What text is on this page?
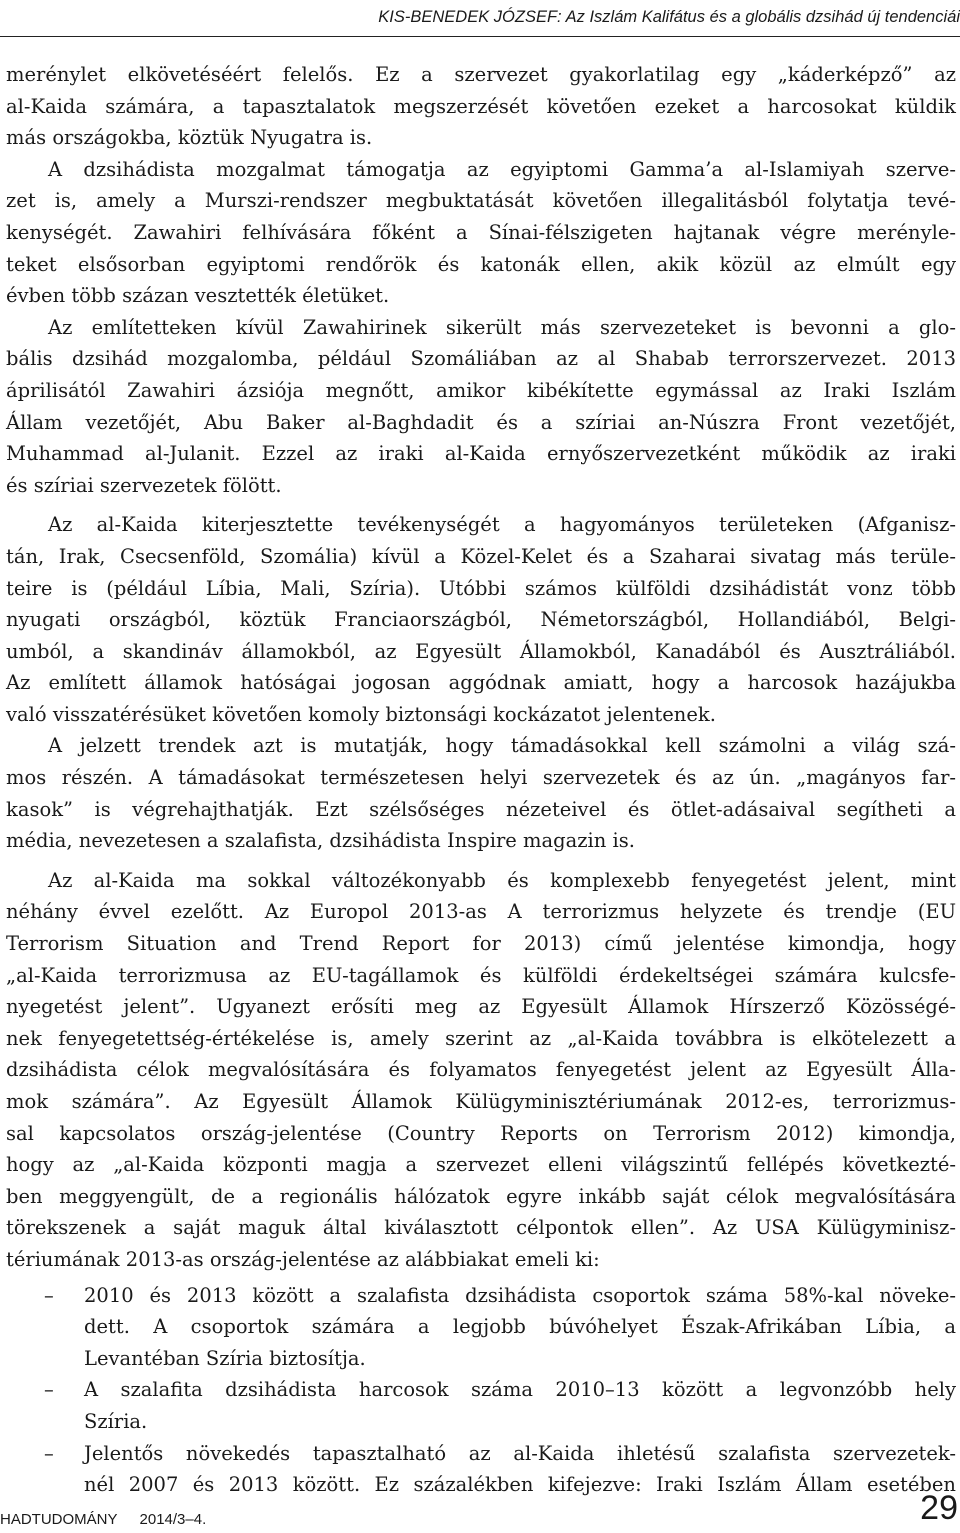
KIS-BENEDEK JÓZSEF: Az Iszlám Kalifátus és a globális dzsihád új tendenciái
merénylet elkövetéséért felelős. Ez a szervezet gyakorlatilag egy „káderképző” az
al-Kaida számára, a tapasztalatok megszerzését követően ezeket a harcosokat küldik
más országokba, köztük Nyugatra is.
A dzsihádista mozgalmat támogatja az egyiptomi Gamma’a al-Islamiyah szerve-
zet is, amely a Murszi-rendszer megbuktatását követően illegalitásból folytatja tevé-
kenységét. Zawahiri felhívására főként a Sínai-félszigeten hajtanak végre merényle-
teket elsősorban egyiptomi rendőrök és katonák ellen, akik közül az elmúlt egy
évben több százan vesztették életüket.
Az említetteken kívül Zawahirinek sikerült más szervezeteket is bevonni a glo-
bális dzsihád mozgalomba, például Szomáliában az al Shabab terrorszervezet. 2013
áprilisától Zawahiri ázsiója megnőtt, amikor kibékítette egymással az Iraki Iszlám
Állam vezetőjét, Abu Baker al-Baghdadit és a szíriai an-Núszra Front vezetőjét,
Muhammad al-Julanit. Ezzel az iraki al-Kaida ernyőszervezetként működik az iraki
és szíriai szervezetek fölött.
Az al-Kaida kiterjesztette tevékenységét a hagyományos területeken (Afganisz-
tán, Irak, Csecsenföld, Szomália) kívül a Közel-Kelet és a Szaharai sivatag más terüle-
teire is (például Líbia, Mali, Szíria). Utóbbi számos külföldi dzsihádistát vonz több
nyugati országból, köztük Franciaországból, Németországból, Hollandiából, Belgi-
umból, a skandináv államokból, az Egyesült Államokból, Kanadából és Ausztráliából.
Az említett államok hatóságai jogosan aggódnak amiatt, hogy a harcosok hazájukba
való visszatérésüket követően komoly biztonsági kockázatot jelentenek.
A jelzett trendek azt is mutatják, hogy támadásokkal kell számolni a világ szá-
mos részén. A támadásokat természetesen helyi szervezetek és az ún. „magányos far-
kasok” is végrehajthatják. Ezt szélsőséges nézeteivel és ötlet-adásaival segítheti a
média, nevezetesen a szalafista, dzsihádista Inspire magazin is.
Az al-Kaida ma sokkal változékonyabb és komplexebb fenyegetést jelent, mint
néhány évvel ezelőtt. Az Europol 2013-as A terrorizmus helyzete és trendje (EU
Terrorism Situation and Trend Report for 2013) című jelentése kimondja, hogy
„al-Kaida terrorizmusa az EU-tagállamok és külföldi érdekeltségei számára kulcsfe-
nyegetést jelent”. Ugyanezt erősíti meg az Egyesült Államok Hírszerző Közösségé-
nek fenyegetettség-értékelése is, amely szerint az „al-Kaida továbbra is elkötelezett a
dzsihádista célok megvalósítására és folyamatos fenyegetést jelent az Egyesült Álla-
mok számára”. Az Egyesült Államok Külügyminisztériumának 2012-es, terrorizmus-
sal kapcsolatos ország-jelentése (Country Reports on Terrorism 2012) kimondja,
hogy az „al-Kaida központi magja a szervezet elleni világszintű fellépés következté-
ben meggyengült, de a regionális hálózatok egyre inkább saját célok megvalósítására
törekszenek a saját maguk által kiválasztott célpontok ellen”. Az USA Külügyminisz-
tériumának 2013-as ország-jelentése az alábbiakat emeli ki:
– 2010 és 2013 között a szalafista dzsihádista csoportok száma 58%-kal növeke-
dett. A csoportok számára a legjobb búvóhelyet Észak-Afrikában Líbia, a
Levantéban Szíria biztosítja.
– A szalafita dzsihádista harcosok száma 2010–13 között a legvonzóbb hely
Szíria.
– Jelentős növekedés tapasztalható az al-Kaida ihletésű szalafista szervezetek-
nél 2007 és 2013 között. Ez százalékben kifejezve: Iraki Iszlám Állam esetében
HADTUDOMÁNY 2014/3–4.	29
